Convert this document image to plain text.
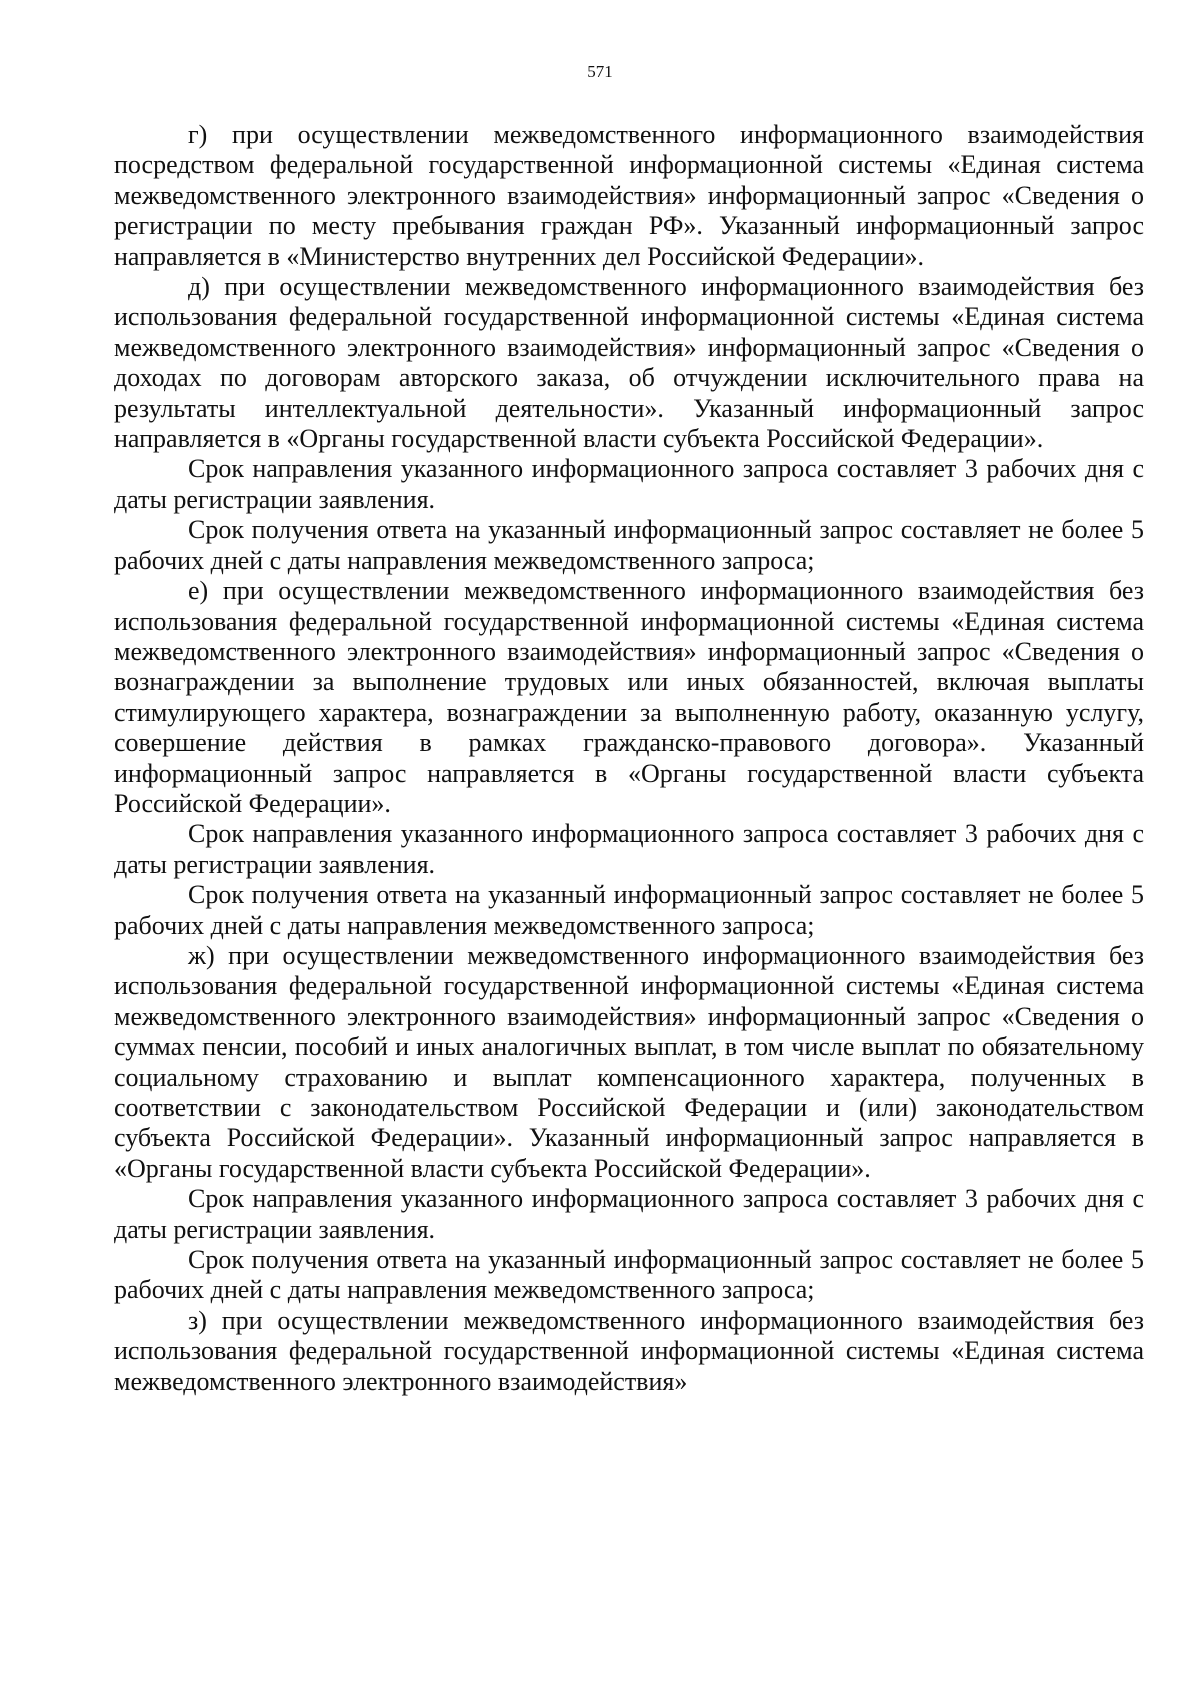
571

г) при осуществлении межведомственного информационного взаимодействия посредством федеральной государственной информационной системы «Единая система межведомственного электронного взаимодействия» информационный запрос «Сведения о регистрации по месту пребывания граждан РФ». Указанный информационный запрос направляется в «Министерство внутренних дел Российской Федерации».

д) при осуществлении межведомственного информационного взаимодействия без использования федеральной государственной информационной системы «Единая система межведомственного электронного взаимодействия» информационный запрос «Сведения о доходах по договорам авторского заказа, об отчуждении исключительного права на результаты интеллектуальной деятельности». Указанный информационный запрос направляется в «Органы государственной власти субъекта Российской Федерации».

Срок направления указанного информационного запроса составляет 3 рабочих дня с даты регистрации заявления.

Срок получения ответа на указанный информационный запрос составляет не более 5 рабочих дней с даты направления межведомственного запроса;

е) при осуществлении межведомственного информационного взаимодействия без использования федеральной государственной информационной системы «Единая система межведомственного электронного взаимодействия» информационный запрос «Сведения о вознаграждении за выполнение трудовых или иных обязанностей, включая выплаты стимулирующего характера, вознаграждении за выполненную работу, оказанную услугу, совершение действия в рамках гражданско-правового договора». Указанный информационный запрос направляется в «Органы государственной власти субъекта Российской Федерации».

Срок направления указанного информационного запроса составляет 3 рабочих дня с даты регистрации заявления.

Срок получения ответа на указанный информационный запрос составляет не более 5 рабочих дней с даты направления межведомственного запроса;

ж) при осуществлении межведомственного информационного взаимодействия без использования федеральной государственной информационной системы «Единая система межведомственного электронного взаимодействия» информационный запрос «Сведения о суммах пенсии, пособий и иных аналогичных выплат, в том числе выплат по обязательному социальному страхованию и выплат компенсационного характера, полученных в соответствии с законодательством Российской Федерации и (или) законодательством субъекта Российской Федерации». Указанный информационный запрос направляется в «Органы государственной власти субъекта Российской Федерации».

Срок направления указанного информационного запроса составляет 3 рабочих дня с даты регистрации заявления.

Срок получения ответа на указанный информационный запрос составляет не более 5 рабочих дней с даты направления межведомственного запроса;

з) при осуществлении межведомственного информационного взаимодействия без использования федеральной государственной информационной системы «Единая система межведомственного электронного взаимодействия»
